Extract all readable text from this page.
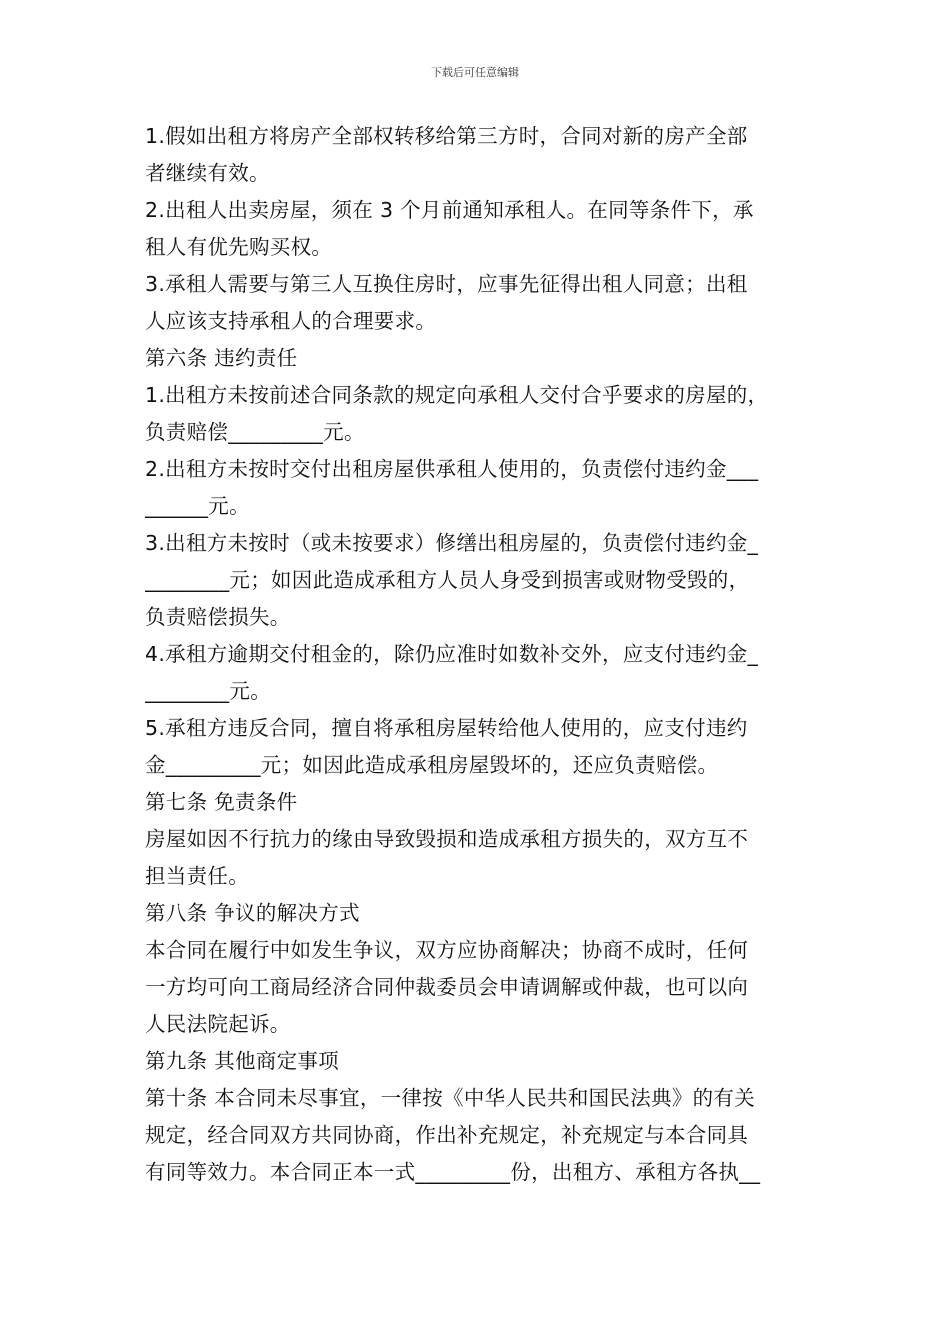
下载后可任意编辑
1.假如出租方将房产全部权转移给第三方时，合同对新的房产全部
者继续有效。
2.出租人出卖房屋，须在 3 个月前通知承租人。在同等条件下，承
租人有优先购买权。
3.承租人需要与第三人互换住房时，应事先征得出租人同意；出租
人应该支持承租人的合理要求。
第六条 违约责任
1.出租方未按前述合同条款的规定向承租人交付合乎要求的房屋的，
负责赔偿_________元。
2.出租方未按时交付出租房屋供承租人使用的，负责偿付违约金___
______元。
3.出租方未按时（或未按要求）修缮出租房屋的，负责偿付违约金_
________元；如因此造成承租方人员人身受到损害或财物受毁的，
负责赔偿损失。
4.承租方逾期交付租金的，除仍应准时如数补交外，应支付违约金_
________元。
5.承租方违反合同，擅自将承租房屋转给他人使用的，应支付违约
金_________元；如因此造成承租房屋毁坏的，还应负责赔偿。
第七条 免责条件
房屋如因不行抗力的缘由导致毁损和造成承租方损失的，双方互不
担当责任。
第八条 争议的解决方式
本合同在履行中如发生争议，双方应协商解决；协商不成时，任何
一方均可向工商局经济合同仲裁委员会申请调解或仲裁，也可以向
人民法院起诉。
第九条 其他商定事项
第十条 本合同未尽事宜，一律按《中华人民共和国民法典》的有关
规定，经合同双方共同协商，作出补充规定，补充规定与本合同具
有同等效力。本合同正本一式_________份，出租方、承租方各执__
